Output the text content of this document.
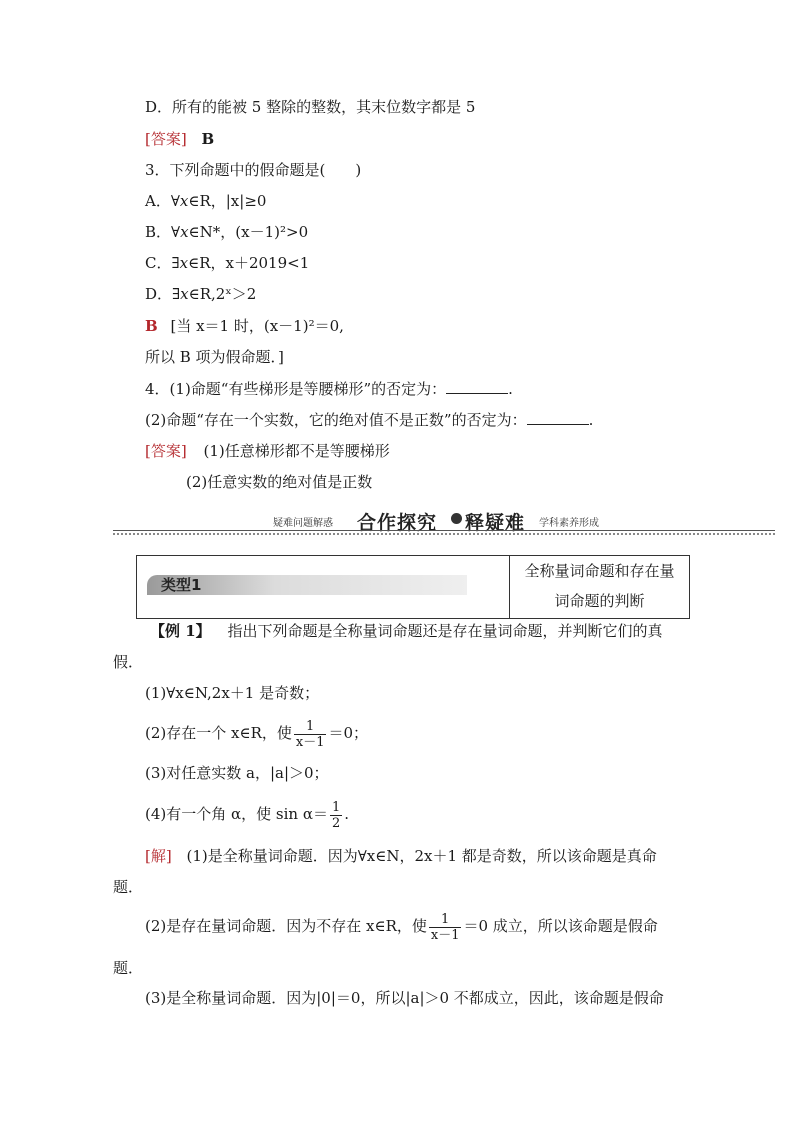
D．所有的能被 5 整除的整数，其末位数字都是 5
[答案] B
3．下列命题中的假命题是(　　)
A．∀x∈R，|x|≥0
B．∀x∈N*，(x－1)²>0
C．∃x∈R，x＋2019<1
D．∃x∈R,2ˣ＞2
B [当 x＝1 时，(x－1)²＝0,
所以 B 项为假命题．]
4．(1)命题“有些梯形是等腰梯形”的否定为：	.
(2)命题“存在一个实数，它的绝对值不是正数”的否定为：	.
[答案] (1)任意梯形都不是等腰梯形
(2)任意实数的绝对值是正数
疑难问题解惑 合作探究 释疑难 学科素养形成
类型1
全称量词命题和存在量
词命题的判断
【例 1】 指出下列命题是全称量词命题还是存在量词命题，并判断它们的真
假．
(1)∀x∈N,2x＋1 是奇数；
(2)存在一个 x∈R，使 $\frac{1}{x-1} =0$；
(3)对任意实数 a，|a|＞0；
(4)有一个角 α，使 $\sin \alpha= \frac{1}{2}$ .
[解] (1)是全称量词命题．因为∀x∈N，2x＋1 都是奇数，所以该命题是真命
题．
(2)是存在量词命题．因为不存在 x∈R，使 $\frac{1}{x-1} =0$ 成立，所以该命题是假命
题．
(3)是全称量词命题．因为|0|＝0，所以|a|＞0 不都成立，因此，该命题是假命
